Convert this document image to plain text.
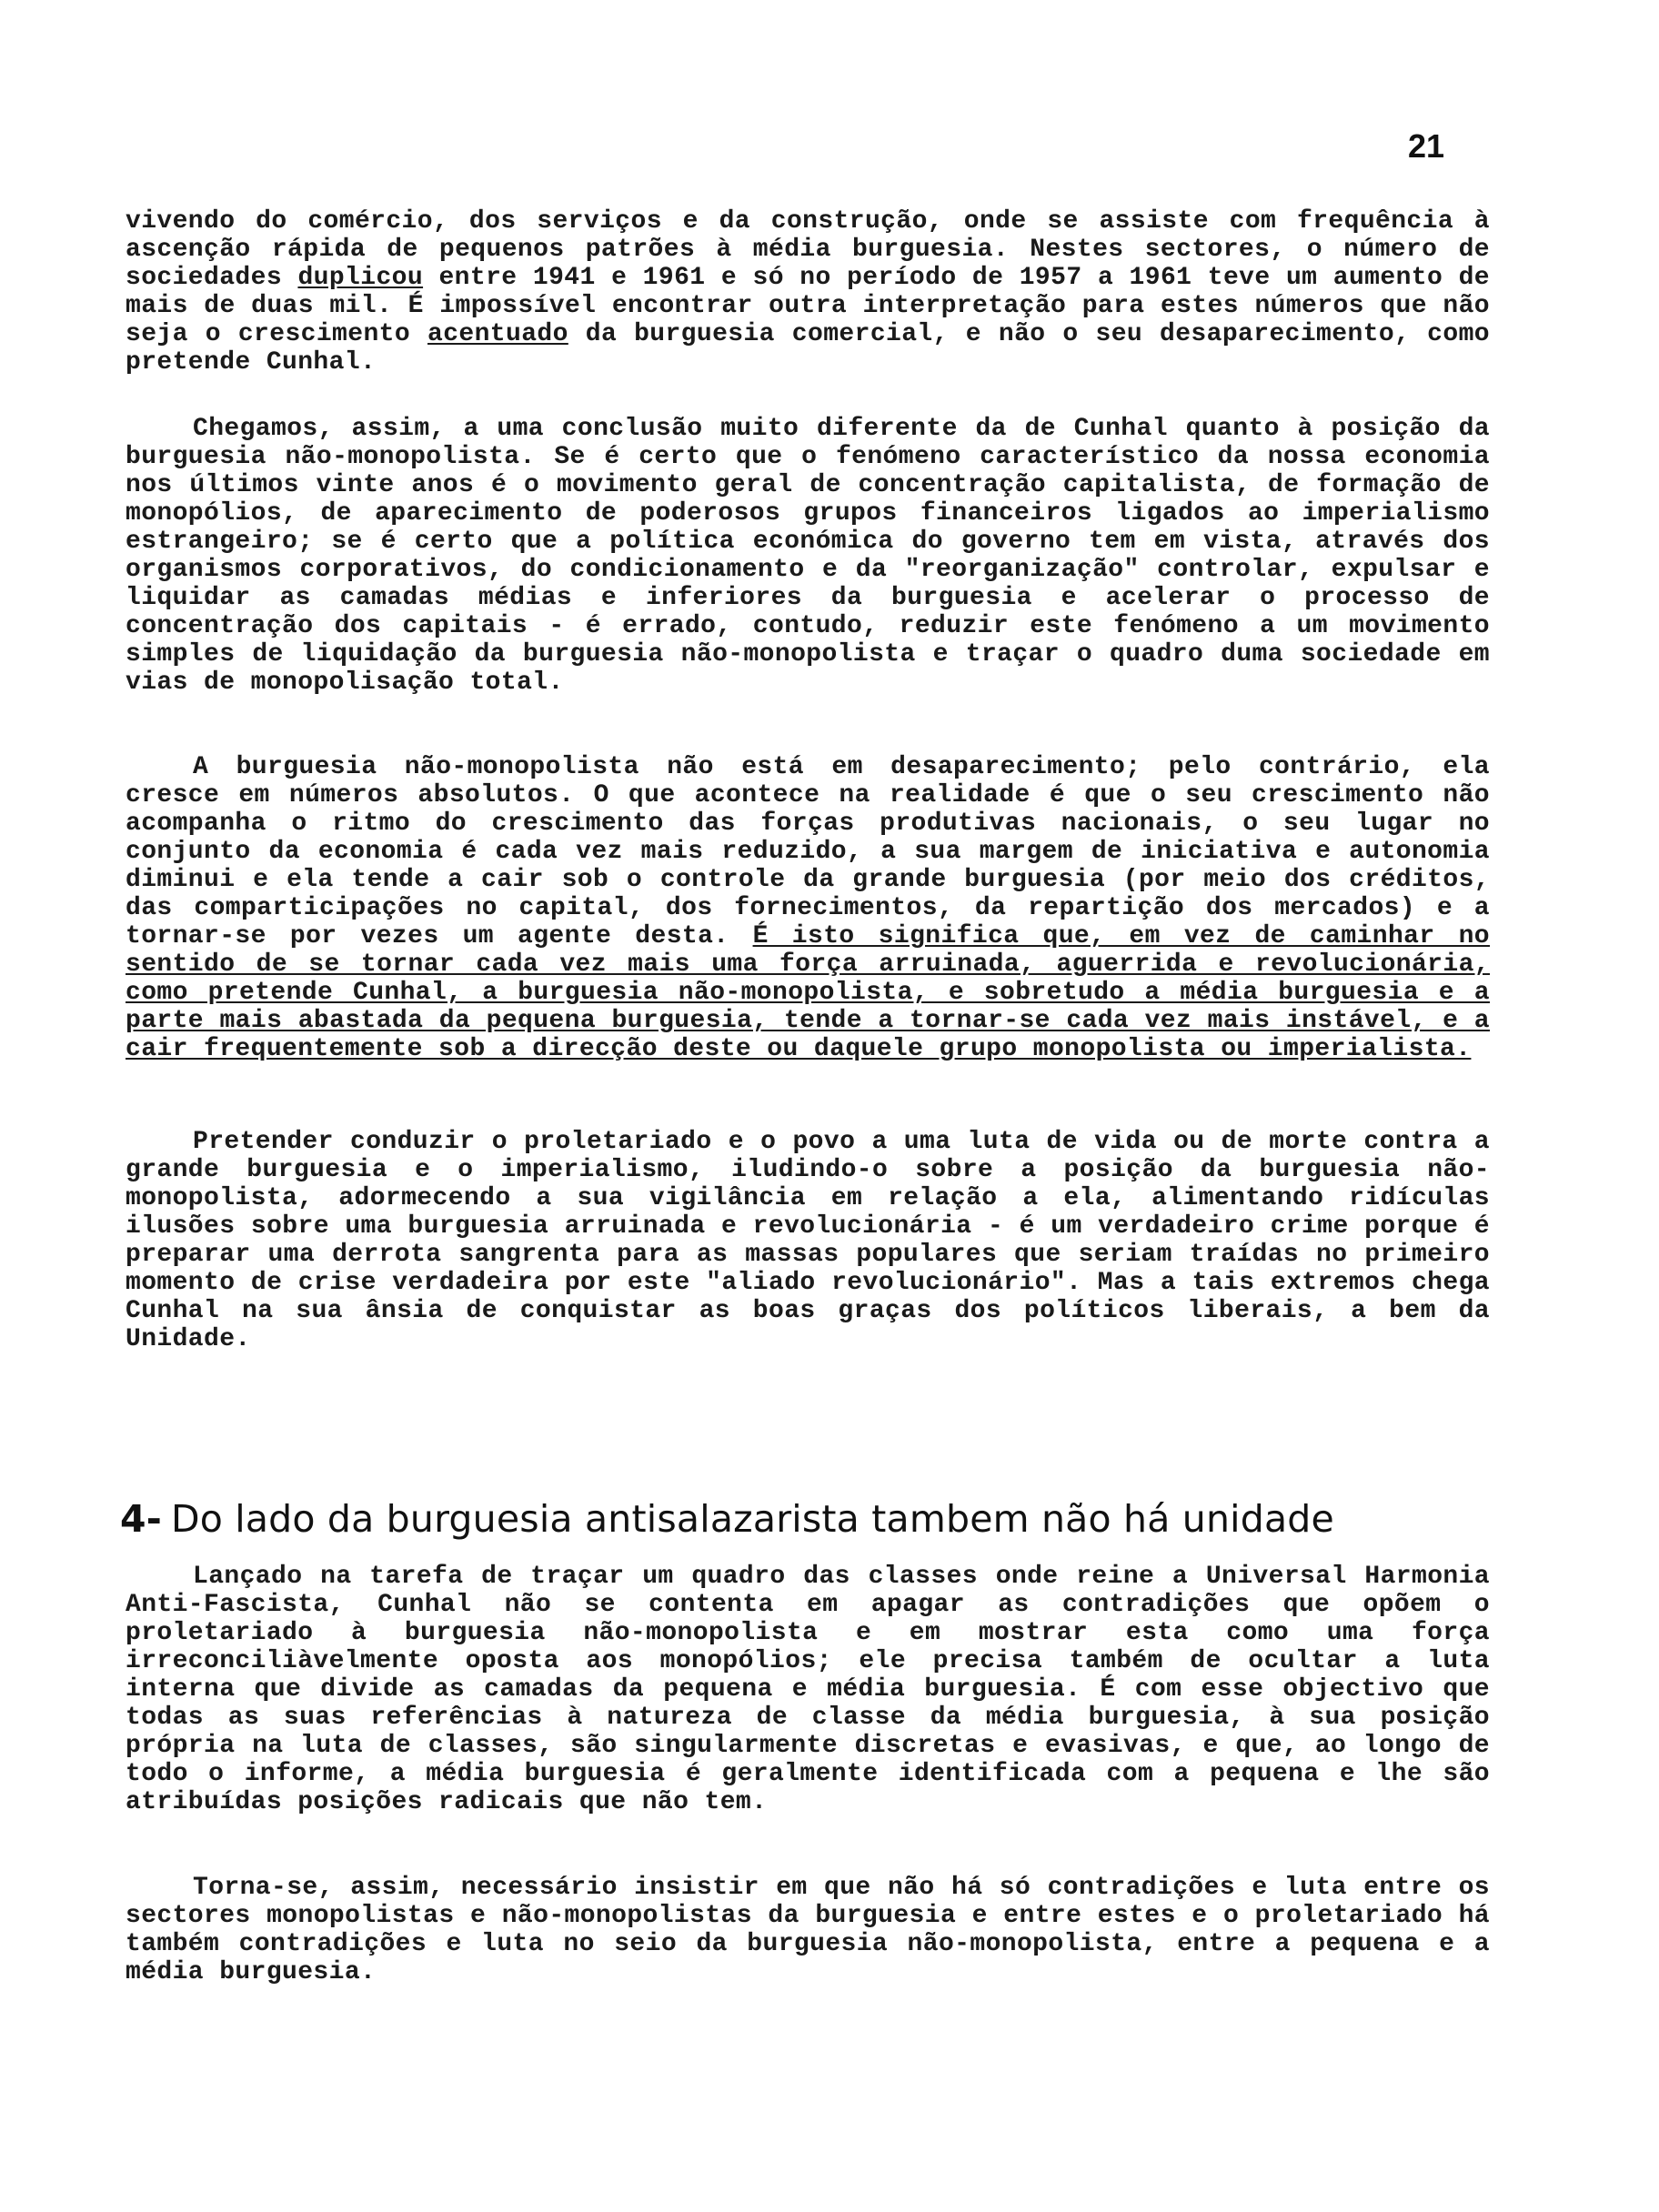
21

vivendo do comércio, dos serviços e da construção, onde se assiste com frequência à ascenção rápida de pequenos patrões à média burguesia. Nestes sectores, o número de sociedades duplicou entre 1941 e 1961 e só no período de 1957 a 1961 teve um aumento de mais de duas mil. É impossível encontrar outra interpretação para estes números que não seja o crescimento acentuado da burguesia comercial, e não o seu desaparecimento, como pretende Cunhal.

Chegamos, assim, a uma conclusão muito diferente da de Cunhal quanto à posição da burguesia não-monopolista. Se é certo que o fenómeno característico da nossa economia nos últimos vinte anos é o movimento geral de concentração capitalista, de formação de monopólios, de aparecimento de poderosos grupos financeiros ligados ao imperialismo estrangeiro; se é certo que a política económica do governo tem em vista, através dos organismos corporativos, do condicionamento e da "reorganização" controlar, expulsar e liquidar as camadas médias e inferiores da burguesia e acelerar o processo de concentração dos capitais - é errado, contudo, reduzir este fenómeno a um movimento simples de liquidação da burguesia não-monopolista e traçar o quadro duma sociedade em vias de monopolisação total.

A burguesia não-monopolista não está em desaparecimento; pelo contrário, ela cresce em números absolutos. O que acontece na realidade é que o seu crescimento não acompanha o ritmo do crescimento das forças produtivas nacionais, o seu lugar no conjunto da economia é cada vez mais reduzido, a sua margem de iniciativa e autonomia diminui e ela tende a cair sob o controle da grande burguesia (por meio dos créditos, das comparticipações no capital, dos fornecimentos, da repartição dos mercados) e a tornar-se por vezes um agente desta. É isto significa que, em vez de caminhar no sentido de se tornar cada vez mais uma força arruinada, aguerrida e revolucionária, como pretende Cunhal, a burguesia não-monopolista, e sobretudo a média burguesia e a parte mais abastada da pequena burguesia, tende a tornar-se cada vez mais instável, e a cair frequentemente sob a direcção deste ou daquele grupo monopolista ou imperialista.

Pretender conduzir o proletariado e o povo a uma luta de vida ou de morte contra a grande burguesia e o imperialismo, iludindo-o sobre a posição da burguesia não-monopolista, adormecendo a sua vigilância em relação a ela, alimentando ridículas ilusões sobre uma burguesia arruinada e revolucionária - é um verdadeiro crime porque é preparar uma derrota sangrenta para as massas populares que seriam traídas no primeiro momento de crise verdadeira por este "aliado revolucionário". Mas a tais extremos chega Cunhal na sua ânsia de conquistar as boas graças dos políticos liberais, a bem da Unidade.

4- Do lado da burguesia antisalazarista tambem não há unidade

Lançado na tarefa de traçar um quadro das classes onde reine a Universal Harmonia Anti-Fascista, Cunhal não se contenta em apagar as contradições que opõem o proletariado à burguesia não-monopolista e em mostrar esta como uma força irreconciliàvelmente oposta aos monopólios; ele precisa também de ocultar a luta interna que divide as camadas da pequena e média burguesia. É com esse objectivo que todas as suas referências à natureza de classe da média burguesia, à sua posição própria na luta de classes, são singularmente discretas e evasivas, e que, ao longo de todo o informe, a média burguesia é geralmente identificada com a pequena e lhe são atribuídas posições radicais que não tem.

Torna-se, assim, necessário insistir em que não há só contradições e luta entre os sectores monopolistas e não-monopolistas da burguesia e entre estes e o proletariado há também contradições e luta no seio da burguesia não-monopolista, entre a pequena e a média burguesia.
